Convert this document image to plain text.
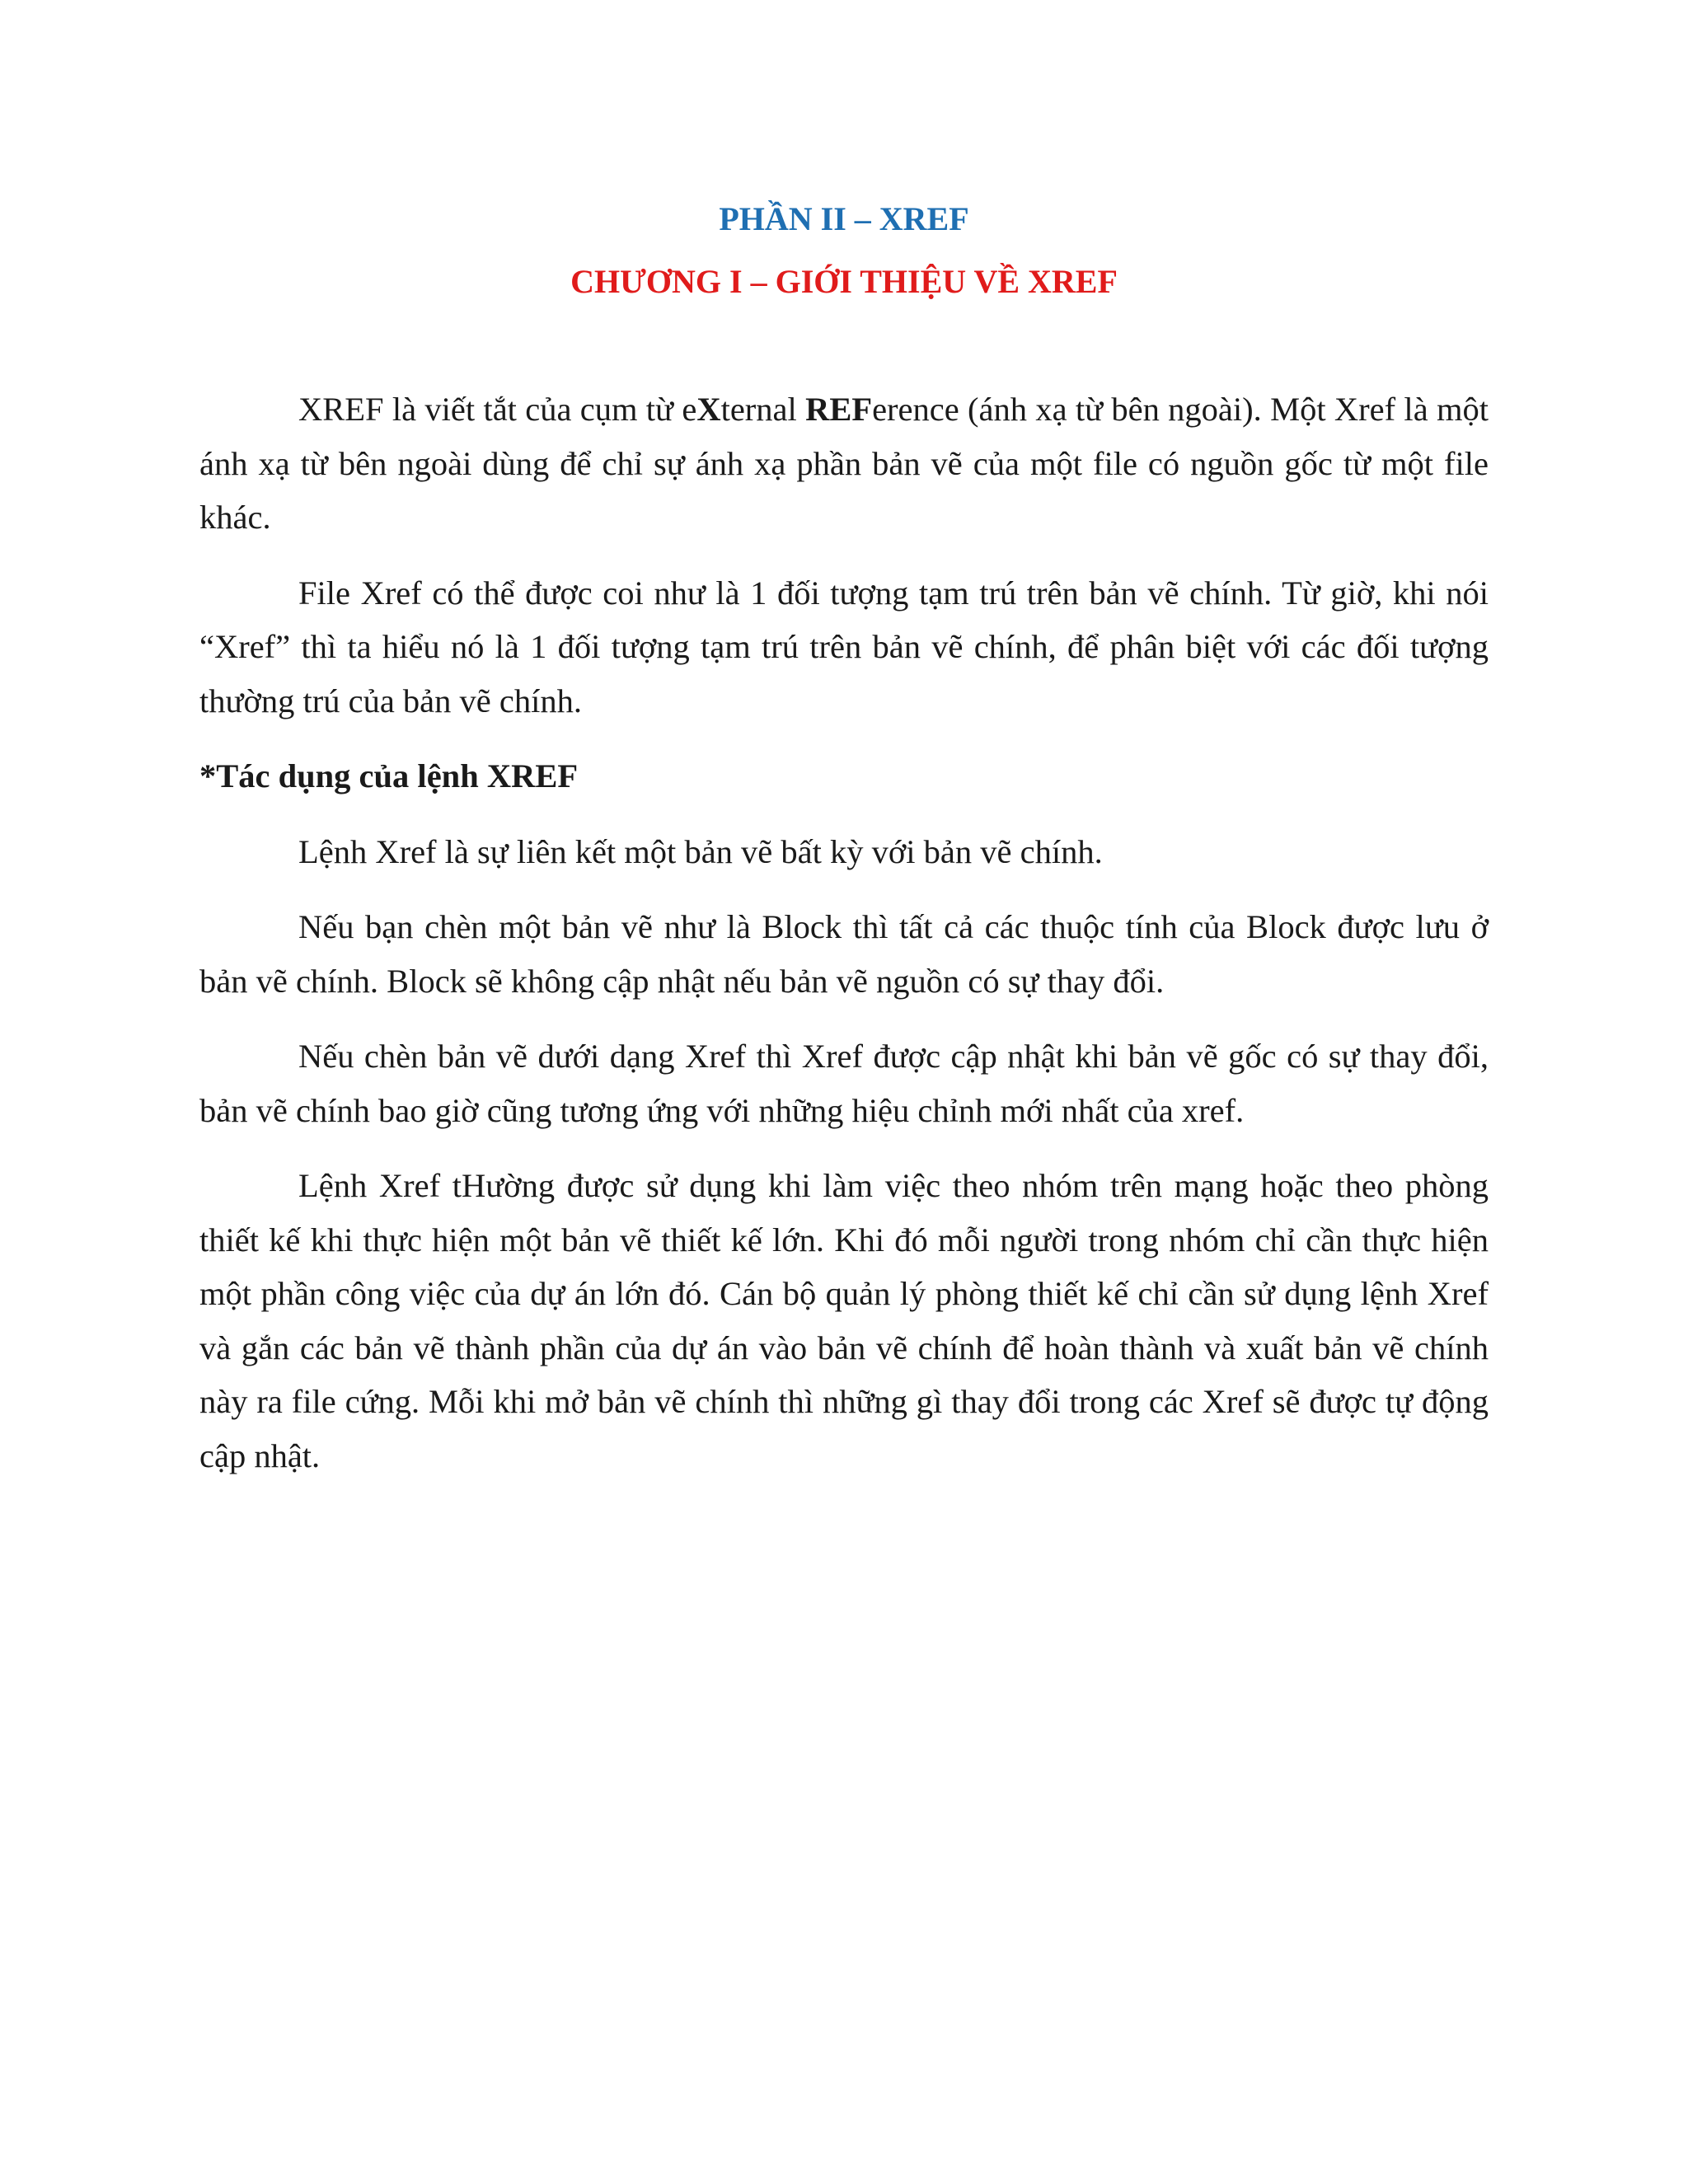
PHẦN II – XREF
CHƯƠNG I – GIỚI THIỆU VỀ XREF

XREF là viết tắt của cụm từ eXternal REFerence (ánh xạ từ bên ngoài). Một Xref là một ánh xạ từ bên ngoài dùng để chỉ sự ánh xạ phần bản vẽ của một file có nguồn gốc từ một file khác.

File Xref có thể được coi như là 1 đối tượng tạm trú trên bản vẽ chính. Từ giờ, khi nói “Xref” thì ta hiểu nó là 1 đối tượng tạm trú trên bản vẽ chính, để phân biệt với các đối tượng thường trú của bản vẽ chính.

*Tác dụng của lệnh XREF

Lệnh Xref là sự liên kết một bản vẽ bất kỳ với bản vẽ chính.

Nếu bạn chèn một bản vẽ như là Block thì tất cả các thuộc tính của Block được lưu ở bản vẽ chính. Block sẽ không cập nhật nếu bản vẽ nguồn có sự thay đổi.

Nếu chèn bản vẽ dưới dạng Xref thì Xref được cập nhật khi bản vẽ gốc có sự thay đổi, bản vẽ chính bao giờ cũng tương ứng với những hiệu chỉnh mới nhất của xref.

Lệnh Xref tHường được sử dụng khi làm việc theo nhóm trên mạng hoặc theo phòng thiết kế khi thực hiện một bản vẽ thiết kế lớn. Khi đó mỗi người trong nhóm chỉ cần thực hiện một phần công việc của dự án lớn đó. Cán bộ quản lý phòng thiết kế chỉ cần sử dụng lệnh Xref và gắn các bản vẽ thành phần của dự án vào bản vẽ chính để hoàn thành và xuất bản vẽ chính này ra file cứng. Mỗi khi mở bản vẽ chính thì những gì thay đổi trong các Xref sẽ được tự động cập nhật.
